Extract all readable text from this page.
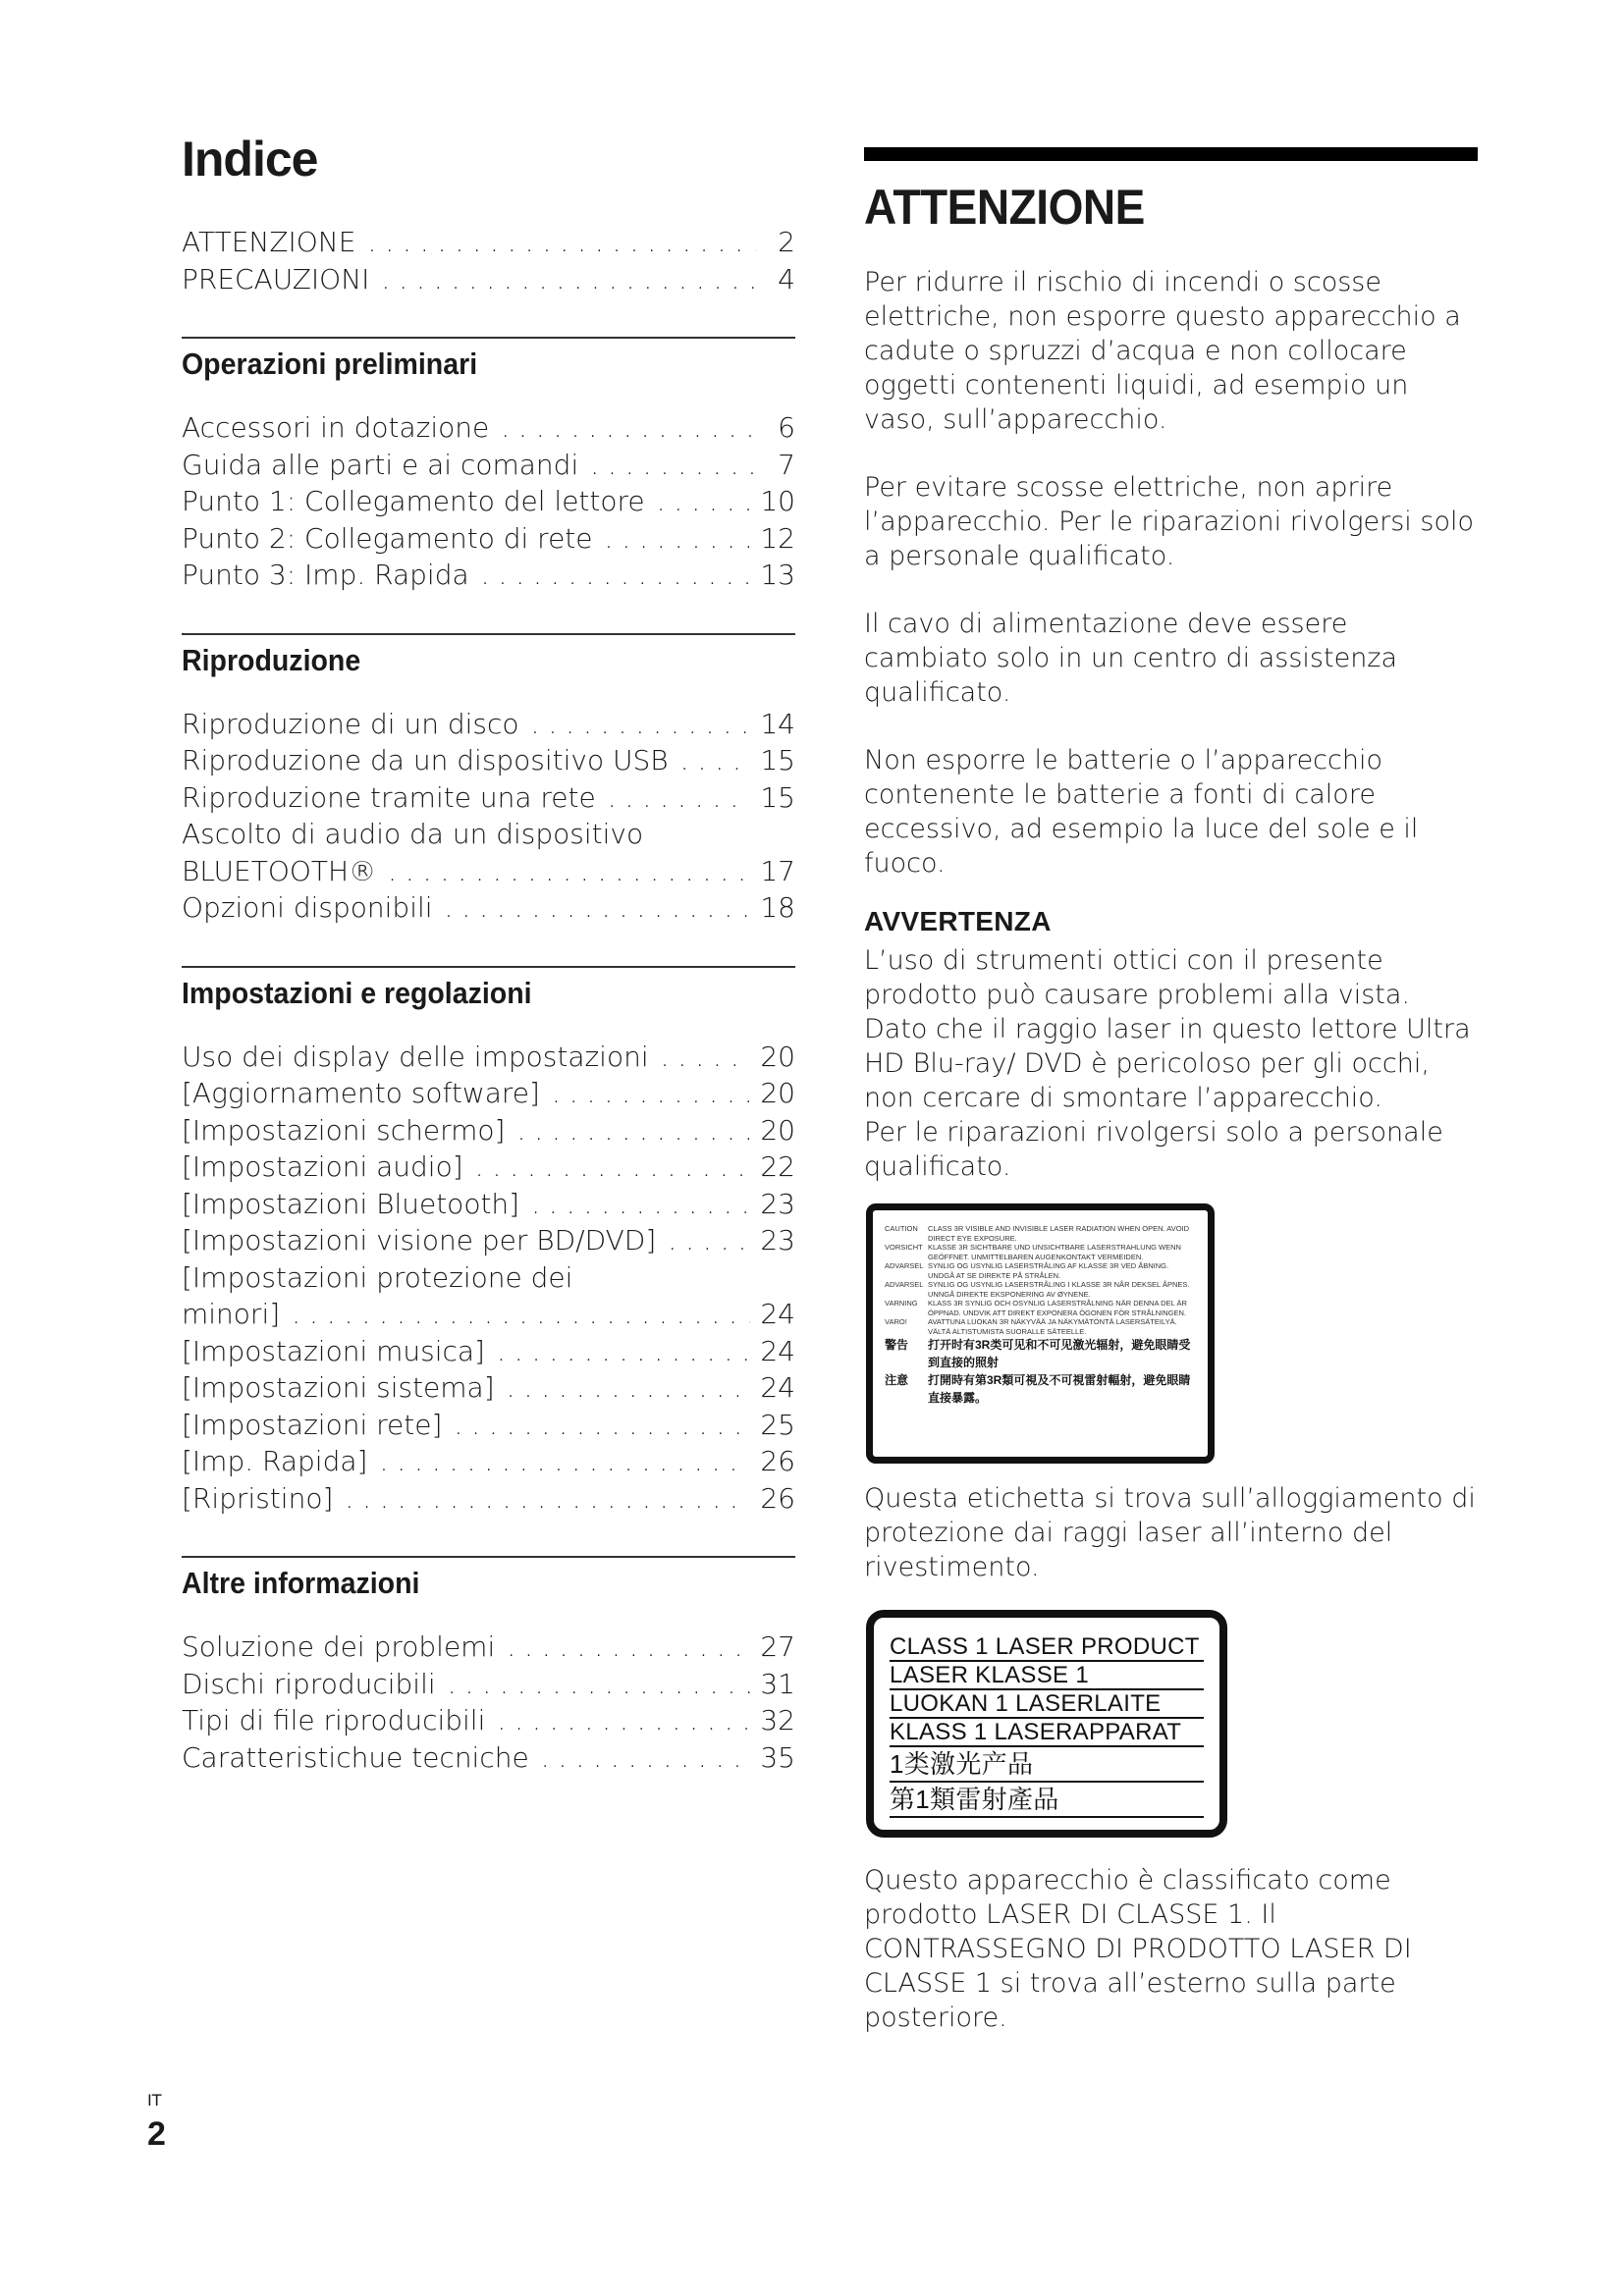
Indice
ATTENZIONE . . .	2
PRECAUZIONI . . .	4
Operazioni preliminari
Accessori in dotazione . . .	6
Guida alle parti e ai comandi . . .	7
Punto 1: Collegamento del lettore . . .	10
Punto 2: Collegamento di rete . . .	12
Punto 3: Imp. Rapida . . .	13
Riproduzione
Riproduzione di un disco . . .	14
Riproduzione da un dispositivo USB . . .	15
Riproduzione tramite una rete . . .	15
Ascolto di audio da un dispositivo
BLUETOOTH® . . .	17
Opzioni disponibili . . .	18
Impostazioni e regolazioni
Uso dei display delle impostazioni . . .	20
[Aggiornamento software] . . .	20
[Impostazioni schermo] . . .	20
[Impostazioni audio] . . .	22
[Impostazioni Bluetooth] . . .	23
[Impostazioni visione per BD/DVD] . . .	23
[Impostazioni protezione dei
minori] . . .	24
[Impostazioni musica] . . .	24
[Impostazioni sistema] . . .	24
[Impostazioni rete] . . .	25
[Imp. Rapida] . . .	26
[Ripristino] . . .	26
Altre informazioni
Soluzione dei problemi . . .	27
Dischi riproducibili . . .	31
Tipi di file riproducibili . . .	32
Caratteristichue tecniche . . .	35
ATTENZIONE

Per ridurre il rischio di incendi o scosse elettriche, non esporre questo apparecchio a cadute o spruzzi d’acqua e non collocare oggetti contenenti liquidi, ad esempio un vaso, sull’apparecchio.

Per evitare scosse elettriche, non aprire l’apparecchio. Per le riparazioni rivolgersi solo a personale qualificato.

Il cavo di alimentazione deve essere cambiato solo in un centro di assistenza qualificato.

Non esporre le batterie o l’apparecchio contenente le batterie a fonti di calore eccessivo, ad esempio la luce del sole e il fuoco.

AVVERTENZA

L’uso di strumenti ottici con il presente prodotto può causare problemi alla vista. Dato che il raggio laser in questo lettore Ultra HD Blu-ray/ DVD è pericoloso per gli occhi, non cercare di smontare l’apparecchio.
Per le riparazioni rivolgersi solo a personale qualificato.

CAUTION	CLASS 3R VISIBLE AND INVISIBLE LASER RADIATION WHEN OPEN. AVOID DIRECT EYE EXPOSURE.
VORSICHT KLASSE 3R SICHTBARE UND UNSICHTBARE LASERSTRAHLUNG WENN GEÖFFNET. UNMITTELBAREN AUGENKONTAKT VERMEIDEN.
ADVARSEL SYNLIG OG USYNLIG LASERSTRÅLING AF KLASSE 3R VED ÅBNING. UNDGÅ AT SE DIREKTE PÅ STRÅLEN.
ADVARSEL SYNLIG OG USYNLIG LASERSTRÅLING I KLASSE 3R NÅR DEKSEL ÅPNES. UNNGÅ DIREKTE EKSPONERING AV ØYNENE.
VARNING	KLASS 3R SYNLIG OCH OSYNLIG LASERSTRÅLNING NÄR DENNA DEL ÄR ÖPPNAD. UNDVIK ATT DIREKT EXPONERA ÖGONEN FÖR STRÅLNINGEN.
VARO!	AVATTUNA LUOKAN 3R NÄKYVÄÄ JA NÄKYMÄTÖNTÄ LASERSÄTEILYÄ. VÄLTÄ ALTISTUMISTA SUORALLE SÄTEELLE.
警告	打开时有3R类可见和不可见激光辐射，避免眼睛受到直接的照射
注意	打開時有第3R類可視及不可視雷射輻射，避免眼睛直接暴露。

Questa etichetta si trova sull’alloggiamento di protezione dai raggi laser all’interno del rivestimento.

CLASS 1 LASER PRODUCT
LASER KLASSE 1
LUOKAN 1 LASERLAITE
KLASS 1 LASERAPPARAT
1类激光产品
第1類雷射產品

Questo apparecchio è classificato come prodotto LASER DI CLASSE 1. Il CONTRASSEGNO DI PRODOTTO LASER DI CLASSE 1 si trova all’esterno sulla parte posteriore.

IT
2
